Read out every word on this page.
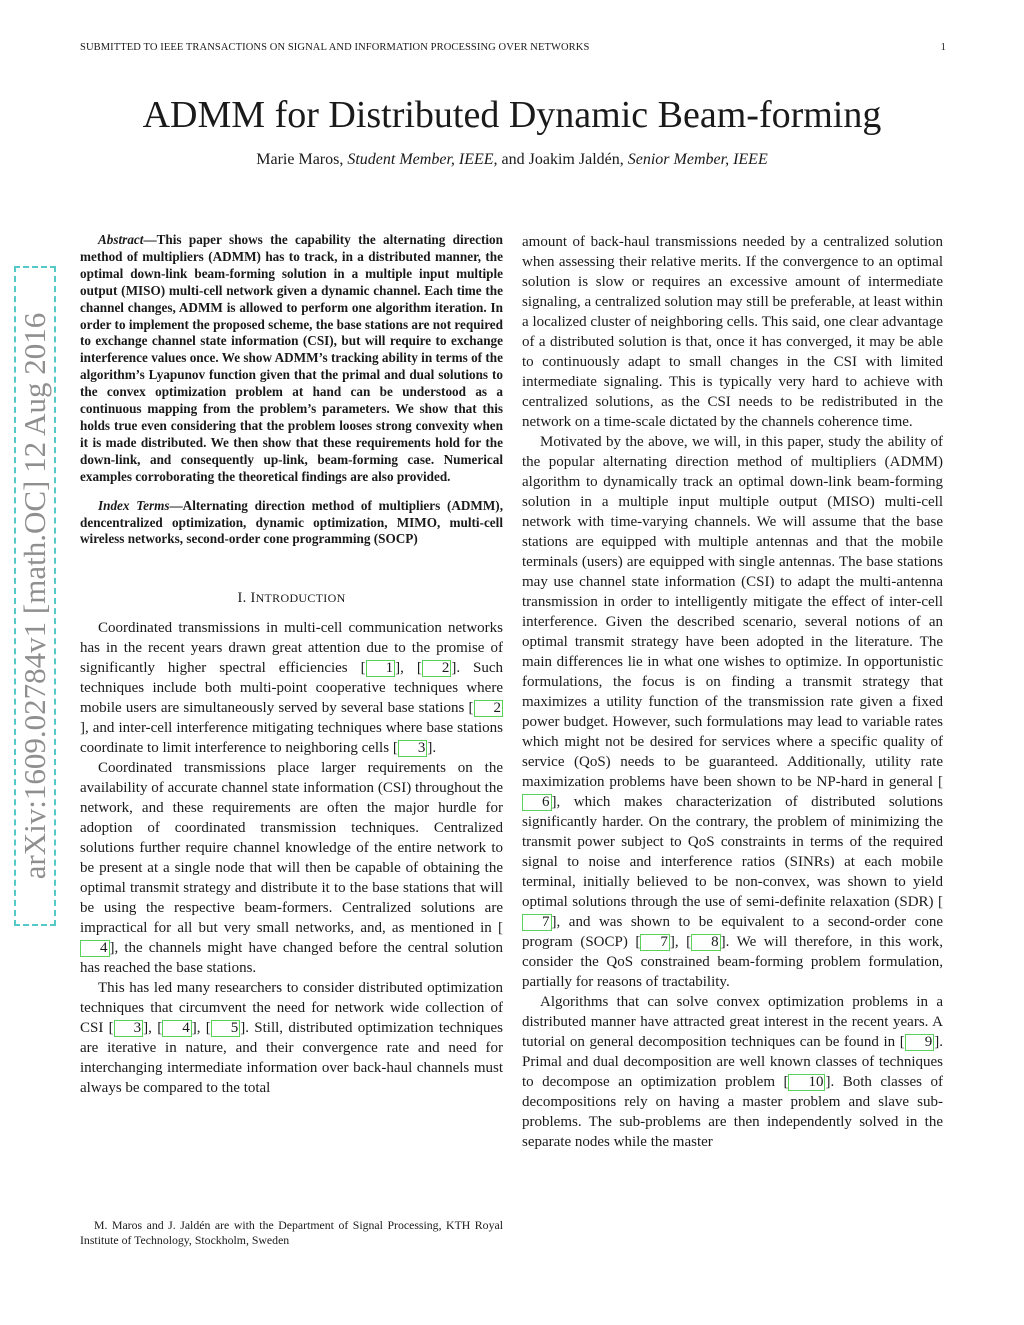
SUBMITTED TO IEEE TRANSACTIONS ON SIGNAL AND INFORMATION PROCESSING OVER NETWORKS	1
ADMM for Distributed Dynamic Beam-forming
Marie Maros, Student Member, IEEE, and Joakim Jaldén, Senior Member, IEEE
arXiv:1609.02784v1 [math.OC] 12 Aug 2016
Abstract—This paper shows the capability the alternating direction method of multipliers (ADMM) has to track, in a distributed manner, the optimal down-link beam-forming solution in a multiple input multiple output (MISO) multi-cell network given a dynamic channel. Each time the channel changes, ADMM is allowed to perform one algorithm iteration. In order to implement the proposed scheme, the base stations are not required to exchange channel state information (CSI), but will require to exchange interference values once. We show ADMM’s tracking ability in terms of the algorithm’s Lyapunov function given that the primal and dual solutions to the convex optimization problem at hand can be understood as a continuous mapping from the problem’s parameters. We show that this holds true even considering that the problem looses strong convexity when it is made distributed. We then show that these requirements hold for the down-link, and consequently up-link, beam-forming case. Numerical examples corroborating the theoretical findings are also provided.
Index Terms—Alternating direction method of multipliers (ADMM), dencentralized optimization, dynamic optimization, MIMO, multi-cell wireless networks, second-order cone programming (SOCP)
I. INTRODUCTION

Coordinated transmissions in multi-cell communication networks has in the recent years drawn great attention due to the promise of significantly higher spectral efficiencies [ 1 ], [ 2 ]. Such techniques include both multi-point cooperative techniques where mobile users are simultaneously served by several base stations [ 2], and inter-cell interference mitigating techniques where base stations coordinate to limit interference to neighboring cells [ 3 ].

Coordinated transmissions place larger requirements on the availability of accurate channel state information (CSI) throughout the network, and these requirements are often the major hurdle for adoption of coordinated transmission techniques. Centralized solutions further require channel knowledge of the entire network to be present at a single node that will then be capable of obtaining the optimal transmit strategy and distribute it to the base stations that will be using the respective beam-formers. Centralized solutions are impractical for all but very small networks, and, as mentioned in [4 ], the channels might have changed before the central solution has reached the base stations.

This has led many researchers to consider distributed optimization techniques that circumvent the need for network wide collection of CSI [ 3 ], [ 4 ], [ 5 ]. Still, distributed optimization techniques are iterative in nature, and their convergence rate and need for interchanging intermediate information over back-haul channels must always be compared to the total

M. Maros and J. Jaldén are with the Department of Signal Processing, KTH Royal Institute of Technology, Stockholm, Sweden

amount of back-haul transmissions needed by a centralized solution when assessing their relative merits. If the convergence to an optimal solution is slow or requires an excessive amount of intermediate signaling, a centralized solution may still be preferable, at least within a localized cluster of neighboring cells. This said, one clear advantage of a distributed solution is that, once it has converged, it may be able to continuously adapt to small changes in the CSI with limited intermediate signaling. This is typically very hard to achieve with centralized solutions, as the CSI needs to be redistributed in the network on a time-scale dictated by the channels coherence time.

Motivated by the above, we will, in this paper, study the ability of the popular alternating direction method of multipliers (ADMM) algorithm to dynamically track an optimal down-link beam-forming solution in a multiple input multiple output (MISO) multi-cell network with time-varying channels. We will assume that the base stations are equipped with multiple antennas and that the mobile terminals (users) are equipped with single antennas. The base stations may use channel state information (CSI) to adapt the multi-antenna transmission in order to intelligently mitigate the effect of inter-cell interference. Given the described scenario, several notions of an optimal transmit strategy have been adopted in the literature. The main differences lie in what one wishes to optimize. In opportunistic formulations, the focus is on finding a transmit strategy that maximizes a utility function of the transmission rate given a fixed power budget. However, such formulations may lead to variable rates which might not be desired for services where a specific quality of service (QoS) needs to be guaranteed. Additionally, utility rate maximization problems have been shown to be NP-hard in general [6 ], which makes characterization of distributed solutions significantly harder. On the contrary, the problem of minimizing the transmit power subject to QoS constraints in terms of the required signal to noise and interference ratios (SINRs) at each mobile terminal, initially believed to be non-convex, was shown to yield optimal solutions through the use of semi-definite relaxation (SDR) [7 ], and was shown to be equivalent to a second-order cone program (SOCP) [ 7 ], [ 8 ]. We will therefore, in this work, consider the QoS constrained beam-forming problem formulation, partially for reasons of tractability.

Algorithms that can solve convex optimization problems in a distributed manner have attracted great interest in the recent years. A tutorial on general decomposition techniques can be found in [ 9 ]. Primal and dual decomposition are well known classes of techniques to decompose an optimization problem [ 10 ]. Both classes of decompositions rely on having a master problem and slave sub-problems. The sub-problems are then independently solved in the separate nodes while the master
